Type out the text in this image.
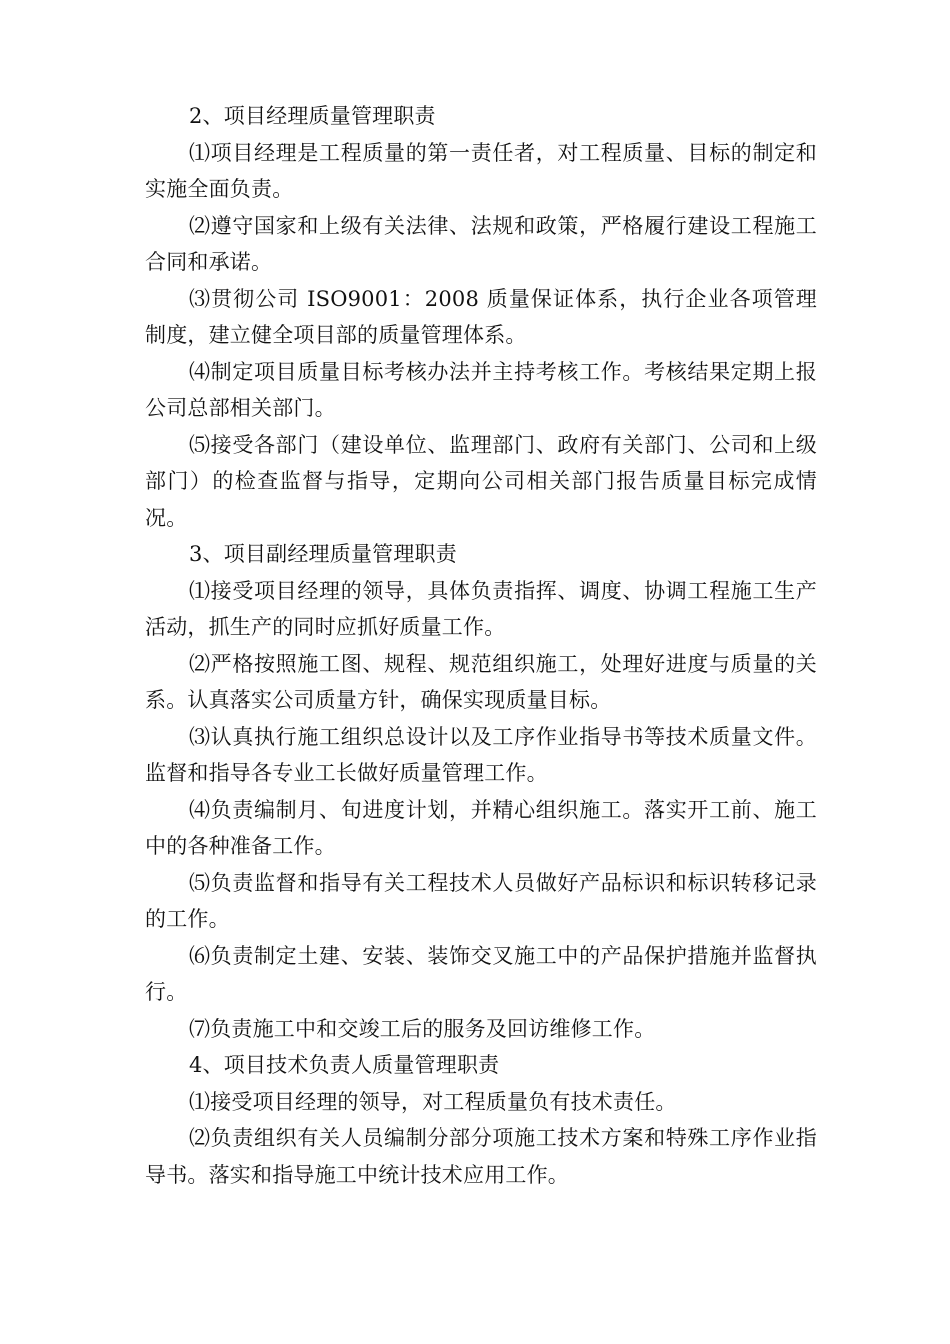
2、项目经理质量管理职责

⑴项目经理是工程质量的第一责任者，对工程质量、目标的制定和实施全面负责。

⑵遵守国家和上级有关法律、法规和政策，严格履行建设工程施工合同和承诺。

⑶贯彻公司 ISO9001：2008 质量保证体系，执行企业各项管理制度，建立健全项目部的质量管理体系。

⑷制定项目质量目标考核办法并主持考核工作。考核结果定期上报公司总部相关部门。

⑸接受各部门（建设单位、监理部门、政府有关部门、公司和上级部门）的检查监督与指导，定期向公司相关部门报告质量目标完成情况。

3、项目副经理质量管理职责

⑴接受项目经理的领导，具体负责指挥、调度、协调工程施工生产活动，抓生产的同时应抓好质量工作。

⑵严格按照施工图、规程、规范组织施工，处理好进度与质量的关系。认真落实公司质量方针，确保实现质量目标。

⑶认真执行施工组织总设计以及工序作业指导书等技术质量文件。监督和指导各专业工长做好质量管理工作。

⑷负责编制月、旬进度计划，并精心组织施工。落实开工前、施工中的各种准备工作。

⑸负责监督和指导有关工程技术人员做好产品标识和标识转移记录的工作。

⑹负责制定土建、安装、装饰交叉施工中的产品保护措施并监督执行。

⑺负责施工中和交竣工后的服务及回访维修工作。

4、项目技术负责人质量管理职责

⑴接受项目经理的领导，对工程质量负有技术责任。

⑵负责组织有关人员编制分部分项施工技术方案和特殊工序作业指导书。落实和指导施工中统计技术应用工作。
